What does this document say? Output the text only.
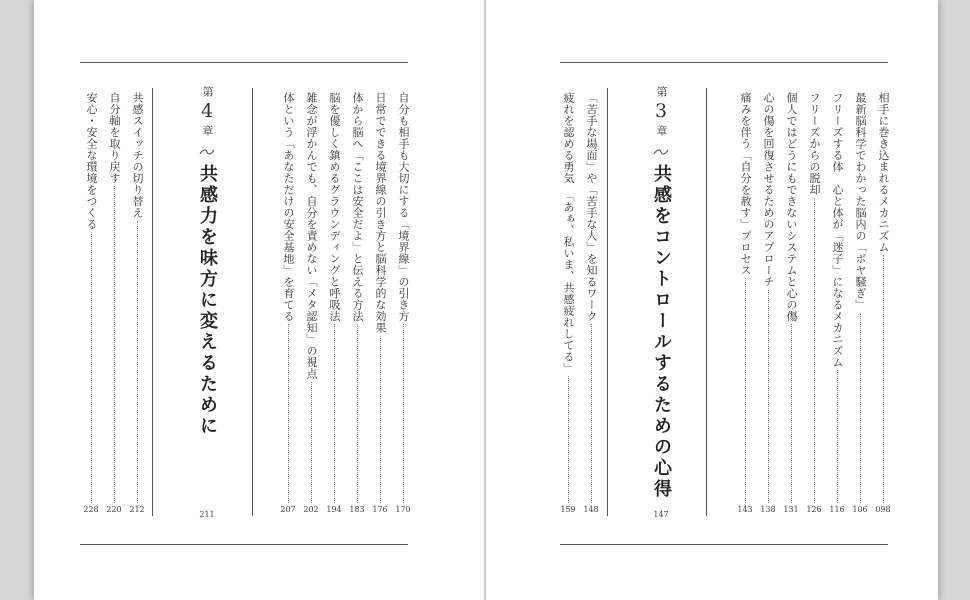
自分も相手も大切にする「境界線」の引き方
170
日常でできる境界線の引き方と脳科学的な効果
176
体から脳へ「ここは安全だよ」と伝える方法
183
脳を優しく鎮めるグラウンディングと呼吸法
194
雑念が浮かんでも、自分を責めない「メタ認知」の視点
202
体という「あなただけの安全基地」を育てる
207
第
4
章
共感力を味方に変えるために
211
共感スイッチの切り替え
212
自分軸を取り戻す
220
安心・安全な環境をつくる
228
相手に巻き込まれるメカニズム
098
最新脳科学でわかった脳内の「ボヤ騒ぎ」
106
フリーズする体　心と体が「迷子」になるメカニズム
116
フリーズからの脱却
126
個人ではどうにもできないシステムと心の傷
131
心の傷を回復させるためのアプローチ
138
痛みを伴う「自分を赦す」プロセス
143
第
3
章
共感をコントロールするための心得
147
「苦手な場面」や「苦手な人」を知るワーク
148
疲れを認める勇気　「あぁ、私いま、共感疲れしてる」
159
